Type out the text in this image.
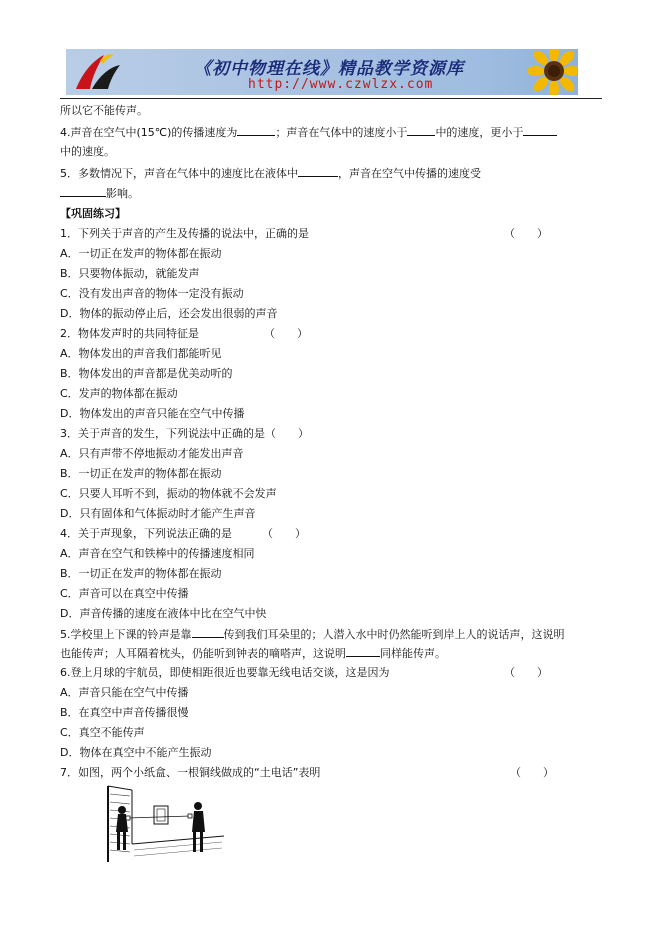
《初中物理在线》精品教学资源库
http://www.czwlzx.com
所以它不能传声。
4.声音在空气中(15℃)的传播速度为	；声音在气体中的速度小于	中的速度，更小于
中的速度。
5．多数情况下，声音在气体中的速度比在液体中	，声音在空气中传播的速度受
影响。
【巩固练习】
1．下列关于声音的产生及传播的说法中，正确的是	（　　）
A．一切正在发声的物体都在振动
B．只要物体振动，就能发声
C．没有发出声音的物体一定没有振动
D．物体的振动停止后，还会发出很弱的声音
2．物体发声时的共同特征是	（　　）
A．物体发出的声音我们都能听见
B．物体发出的声音都是优美动听的
C．发声的物体都在振动
D．物体发出的声音只能在空气中传播
3．关于声音的发生，下列说法中正确的是（　　）
A．只有声带不停地振动才能发出声音
B．一切正在发声的物体都在振动
C．只要人耳听不到，振动的物体就不会发声
D．只有固体和气体振动时才能产生声音
4．关于声现象，下列说法正确的是	（　　）
A．声音在空气和铁棒中的传播速度相同
B．一切正在发声的物体都在振动
C．声音可以在真空中传播
D．声音传播的速度在液体中比在空气中快
5.学校里上下课的铃声是靠	传到我们耳朵里的；人潜入水中时仍然能听到岸上人的说话声，这说明
也能传声；人耳隔着枕头，仍能听到钟表的嘀嗒声，这说明	同样能传声。
6.登上月球的宇航员，即使相距很近也要靠无线电话交谈，这是因为	（　　）
A．声音只能在空气中传播
B．在真空中声音传播很慢
C．真空不能传声
D．物体在真空中不能产生振动
7．如图，两个小纸盒、一根铜线做成的“土电话”表明	（　　）
